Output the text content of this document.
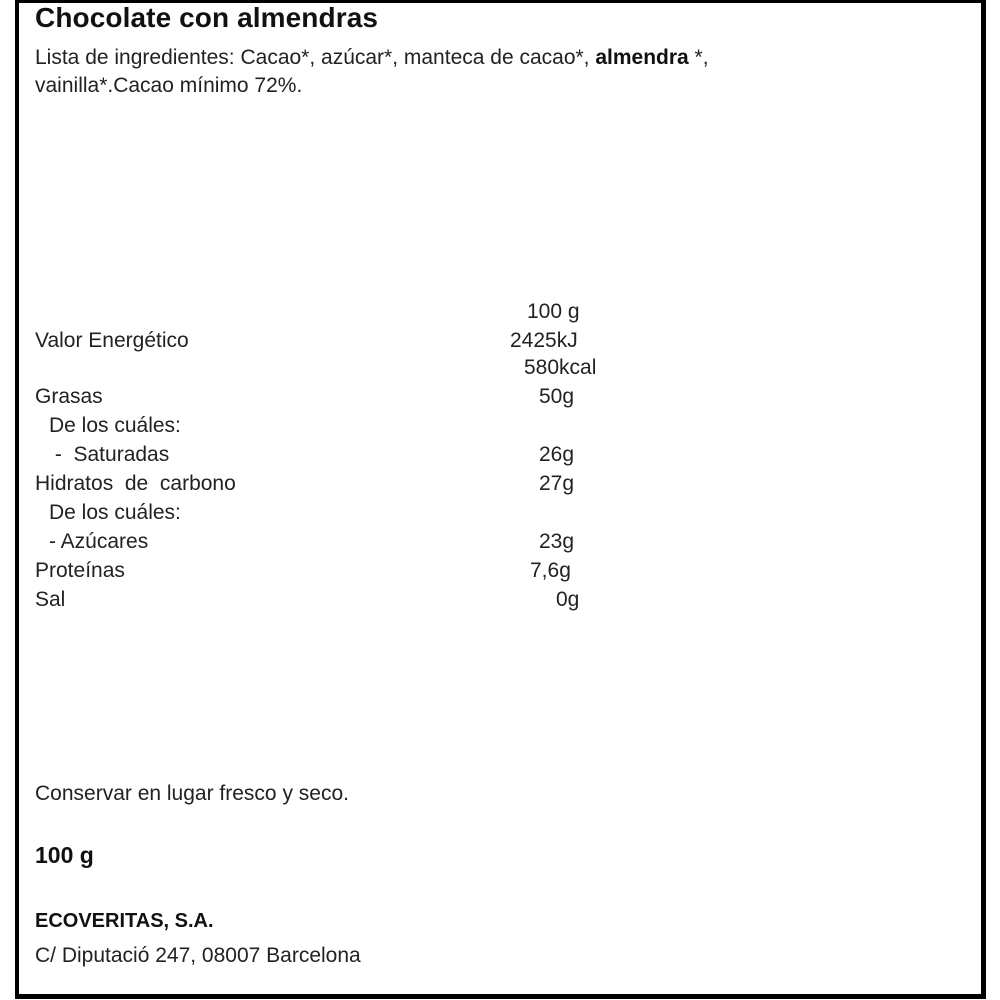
Chocolate con almendras
Lista de ingredientes: Cacao*, azúcar*, manteca de cacao*, almendra *,
vainilla*.Cacao mínimo 72%.
100 g
Valor Energético	2425kJ
580kcal
Grasas	50g
De los cuáles:
-  Saturadas	26g
Hidratos  de  carbono	27g
De los cuáles:
- Azúcares	23g
Proteínas	7,6g
Sal	0g
Conservar en lugar fresco y seco.
100 g
ECOVERITAS, S.A.
C/ Diputació 247, 08007 Barcelona
